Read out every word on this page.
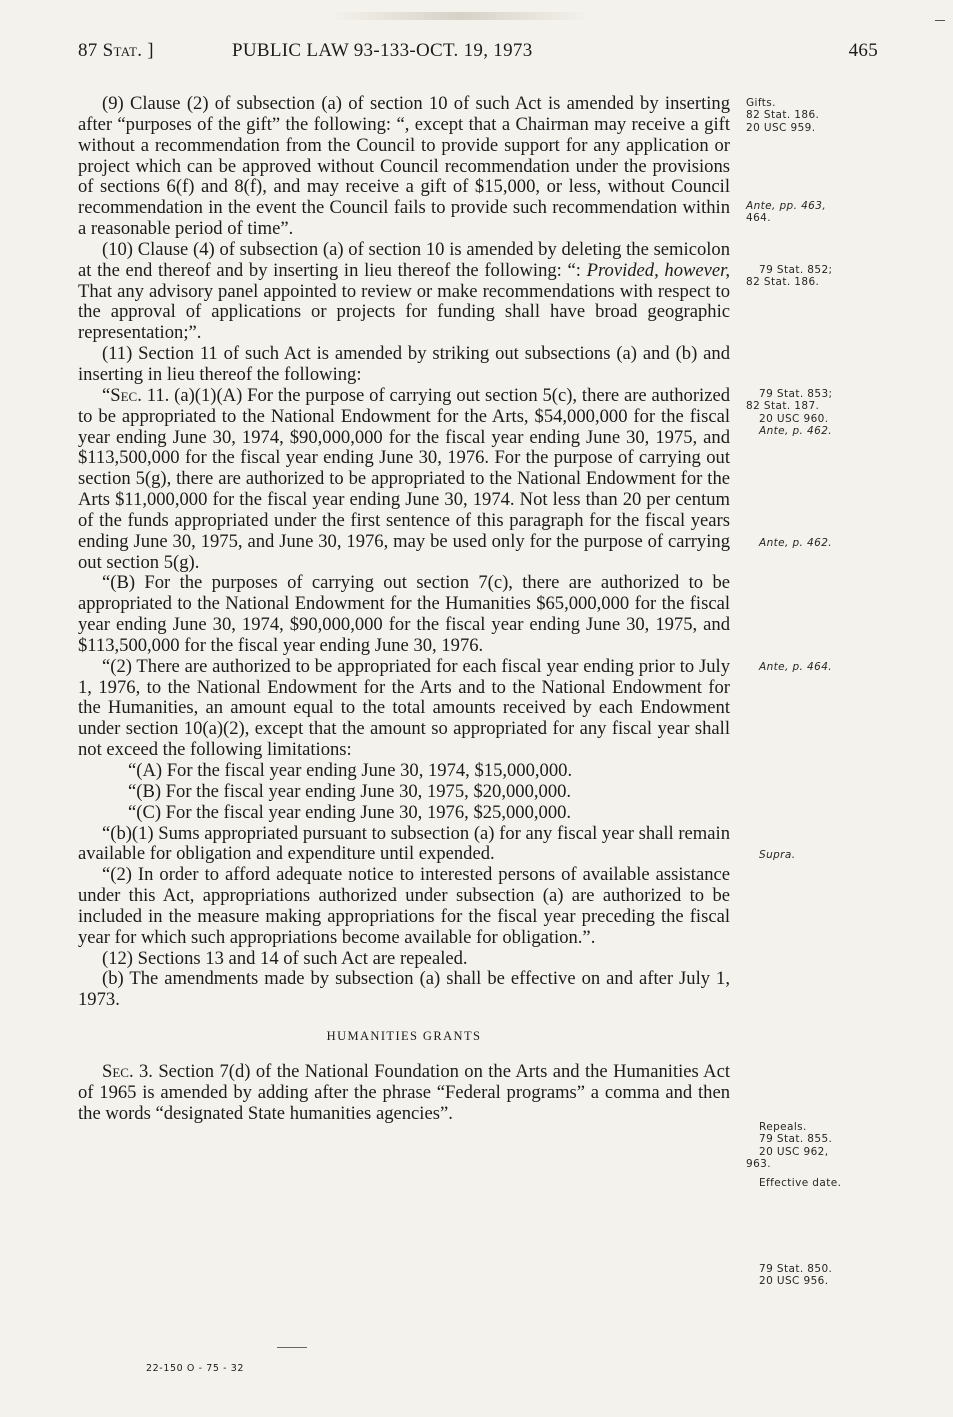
87 Stat. ]	PUBLIC LAW 93-133-OCT. 19, 1973	465

(9) Clause (2) of subsection (a) of section 10 of such Act is amended by inserting after “purposes of the gift” the following: “, except that a Chairman may receive a gift without a recommendation from the Council to provide support for any application or project which can be approved without Council recommendation under the provisions of sections 6(f) and 8(f), and may receive a gift of $15,000, or less, without Council recommendation in the event the Council fails to provide such recommendation within a reasonable period of time”.

(10) Clause (4) of subsection (a) of section 10 is amended by deleting the semicolon at the end thereof and by inserting in lieu thereof the following: “: Provided, however, That any advisory panel appointed to review or make recommendations with respect to the approval of applications or projects for funding shall have broad geographic representation;”.

(11) Section 11 of such Act is amended by striking out subsections (a) and (b) and inserting in lieu thereof the following:

“Sec. 11. (a)(1)(A) For the purpose of carrying out section 5(c), there are authorized to be appropriated to the National Endowment for the Arts, $54,000,000 for the fiscal year ending June 30, 1974, $90,000,000 for the fiscal year ending June 30, 1975, and $113,500,000 for the fiscal year ending June 30, 1976. For the purpose of carrying out section 5(g), there are authorized to be appropriated to the National Endowment for the Arts $11,000,000 for the fiscal year ending June 30, 1974. Not less than 20 per centum of the funds appropriated under the first sentence of this paragraph for the fiscal years ending June 30, 1975, and June 30, 1976, may be used only for the purpose of carrying out section 5(g).

“(B) For the purposes of carrying out section 7(c), there are authorized to be appropriated to the National Endowment for the Humanities $65,000,000 for the fiscal year ending June 30, 1974, $90,000,000 for the fiscal year ending June 30, 1975, and $113,500,000 for the fiscal year ending June 30, 1976.

“(2) There are authorized to be appropriated for each fiscal year ending prior to July 1, 1976, to the National Endowment for the Arts and to the National Endowment for the Humanities, an amount equal to the total amounts received by each Endowment under section 10(a)(2), except that the amount so appropriated for any fiscal year shall not exceed the following limitations:

“(A) For the fiscal year ending June 30, 1974, $15,000,000.

“(B) For the fiscal year ending June 30, 1975, $20,000,000.

“(C) For the fiscal year ending June 30, 1976, $25,000,000.

“(b)(1) Sums appropriated pursuant to subsection (a) for any fiscal year shall remain available for obligation and expenditure until expended.

“(2) In order to afford adequate notice to interested persons of available assistance under this Act, appropriations authorized under subsection (a) are authorized to be included in the measure making appropriations for the fiscal year preceding the fiscal year for which such appropriations become available for obligation.”.

(12) Sections 13 and 14 of such Act are repealed.

(b) The amendments made by subsection (a) shall be effective on and after July 1, 1973.

HUMANITIES GRANTS

Sec. 3. Section 7(d) of the National Foundation on the Arts and the Humanities Act of 1965 is amended by adding after the phrase “Federal programs” a comma and then the words “designated State humanities agencies”.

Gifts.
82 Stat. 186.
20 USC 959.
Ante, pp. 463,
464.
79 Stat. 852;
82 Stat. 186.
79 Stat. 853;
82 Stat. 187.
20 USC 960.
Ante, p. 462.
Ante, p. 462.
Ante, p. 464.
Supra.
Repeals.
79 Stat. 855.
20 USC 962,
963.
Effective date.
79 Stat. 850.
20 USC 956.
22-150 O - 75 - 32
